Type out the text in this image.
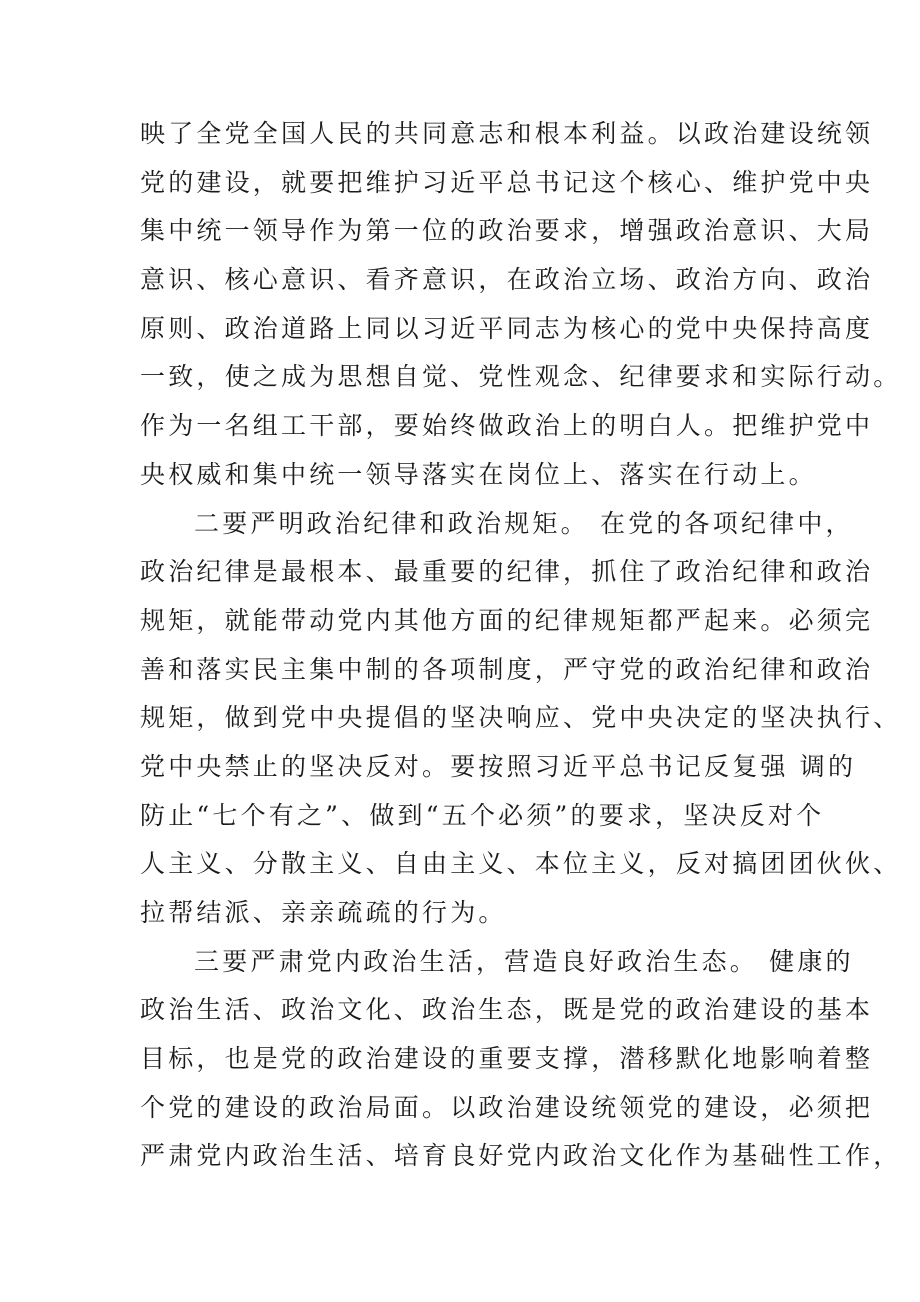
映了全党全国人民的共同意志和根本利益。以政治建设统领
党的建设，就要把维护习近平总书记这个核心、维护党中央
集中统一领导作为第一位的政治要求，增强政治意识、大局
意识、核心意识、看齐意识，在政治立场、政治方向、政治
原则、政治道路上同以习近平同志为核心的党中央保持高度
一致，使之成为思想自觉、党性观念、纪律要求和实际行动。
作为一名组工干部，要始终做政治上的明白人。把维护党中
央权威和集中统一领导落实在岗位上、落实在行动上。
二要严明政治纪律和政治规矩。 在党的各项纪律中，
政治纪律是最根本、最重要的纪律，抓住了政治纪律和政治
规矩，就能带动党内其他方面的纪律规矩都严起来。必须完
善和落实民主集中制的各项制度，严守党的政治纪律和政治
规矩，做到党中央提倡的坚决响应、党中央决定的坚决执行、
党中央禁止的坚决反对。要按照习近平总书记反复强 调的
防止“七个有之”、做到“五个必须”的要求，坚决反对个
人主义、分散主义、自由主义、本位主义，反对搞团团伙伙、
拉帮结派、亲亲疏疏的行为。
三要严肃党内政治生活，营造良好政治生态。 健康的
政治生活、政治文化、政治生态，既是党的政治建设的基本
目标，也是党的政治建设的重要支撑，潜移默化地影响着整
个党的建设的政治局面。以政治建设统领党的建设，必须把
严肃党内政治生活、培育良好党内政治文化作为基础性工作，
